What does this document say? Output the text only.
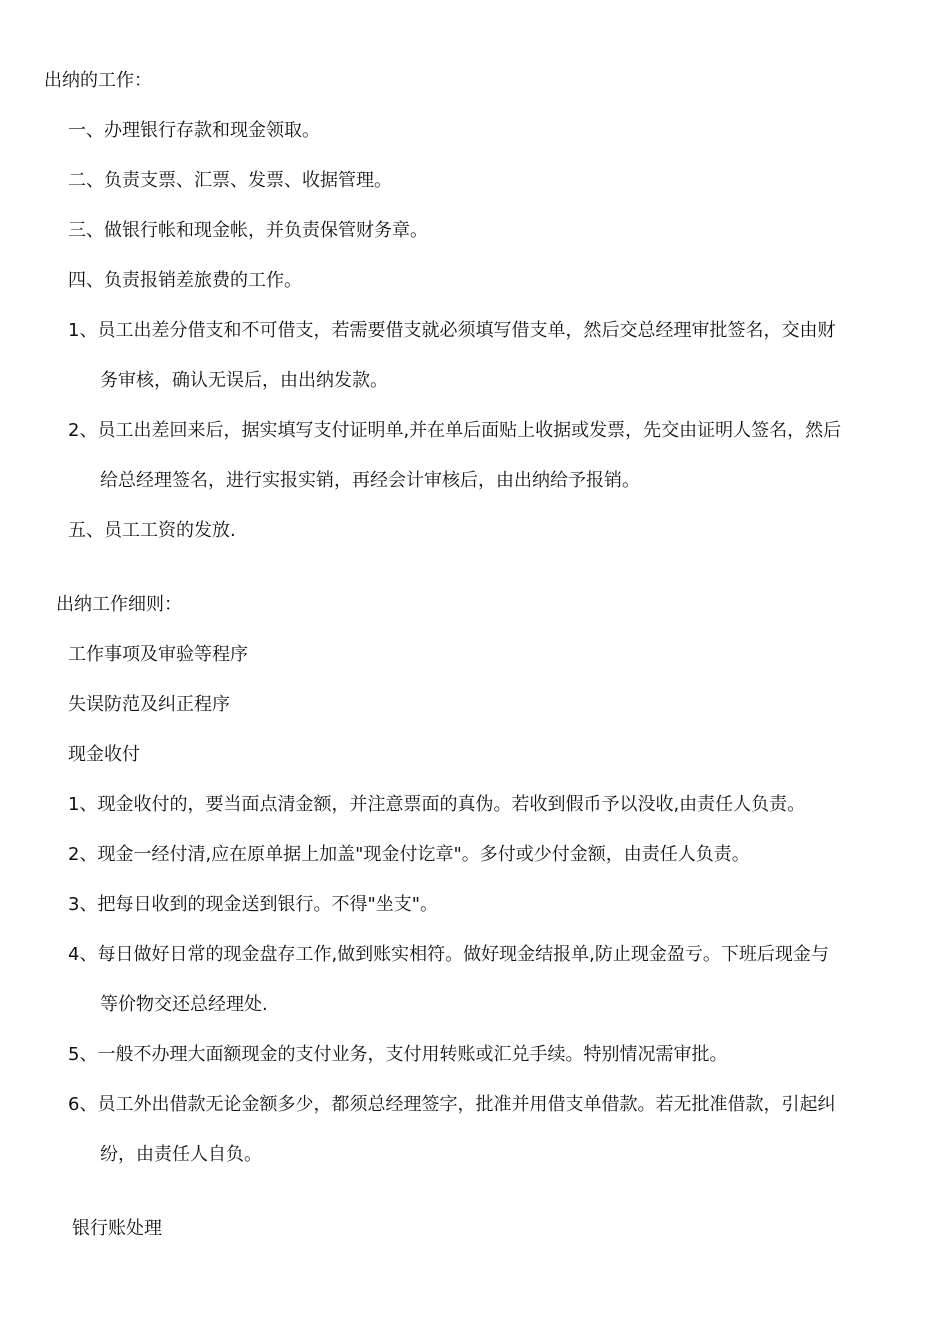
出纳的工作：
一、办理银行存款和现金领取。
二、负责支票、汇票、发票、收据管理。
三、做银行帐和现金帐，并负责保管财务章。
四、负责报销差旅费的工作。
1、员工出差分借支和不可借支，若需要借支就必须填写借支单，然后交总经理审批签名，交由财
务审核，确认无误后，由出纳发款。
2、员工出差回来后，据实填写支付证明单,并在单后面贴上收据或发票，先交由证明人签名，然后
给总经理签名，进行实报实销，再经会计审核后，由出纳给予报销。
五、员工工资的发放.
出纳工作细则：
工作事项及审验等程序
失误防范及纠正程序
现金收付
1、现金收付的，要当面点清金额，并注意票面的真伪。若收到假币予以没收,由责任人负责。
2、现金一经付清,应在原单据上加盖"现金付讫章"。多付或少付金额，由责任人负责。
3、把每日收到的现金送到银行。不得"坐支"。
4、每日做好日常的现金盘存工作,做到账实相符。做好现金结报单,防止现金盈亏。下班后现金与
等价物交还总经理处.
5、一般不办理大面额现金的支付业务，支付用转账或汇兑手续。特别情况需审批。
6、员工外出借款无论金额多少，都须总经理签字，批准并用借支单借款。若无批准借款，引起纠
纷，由责任人自负。
银行账处理
